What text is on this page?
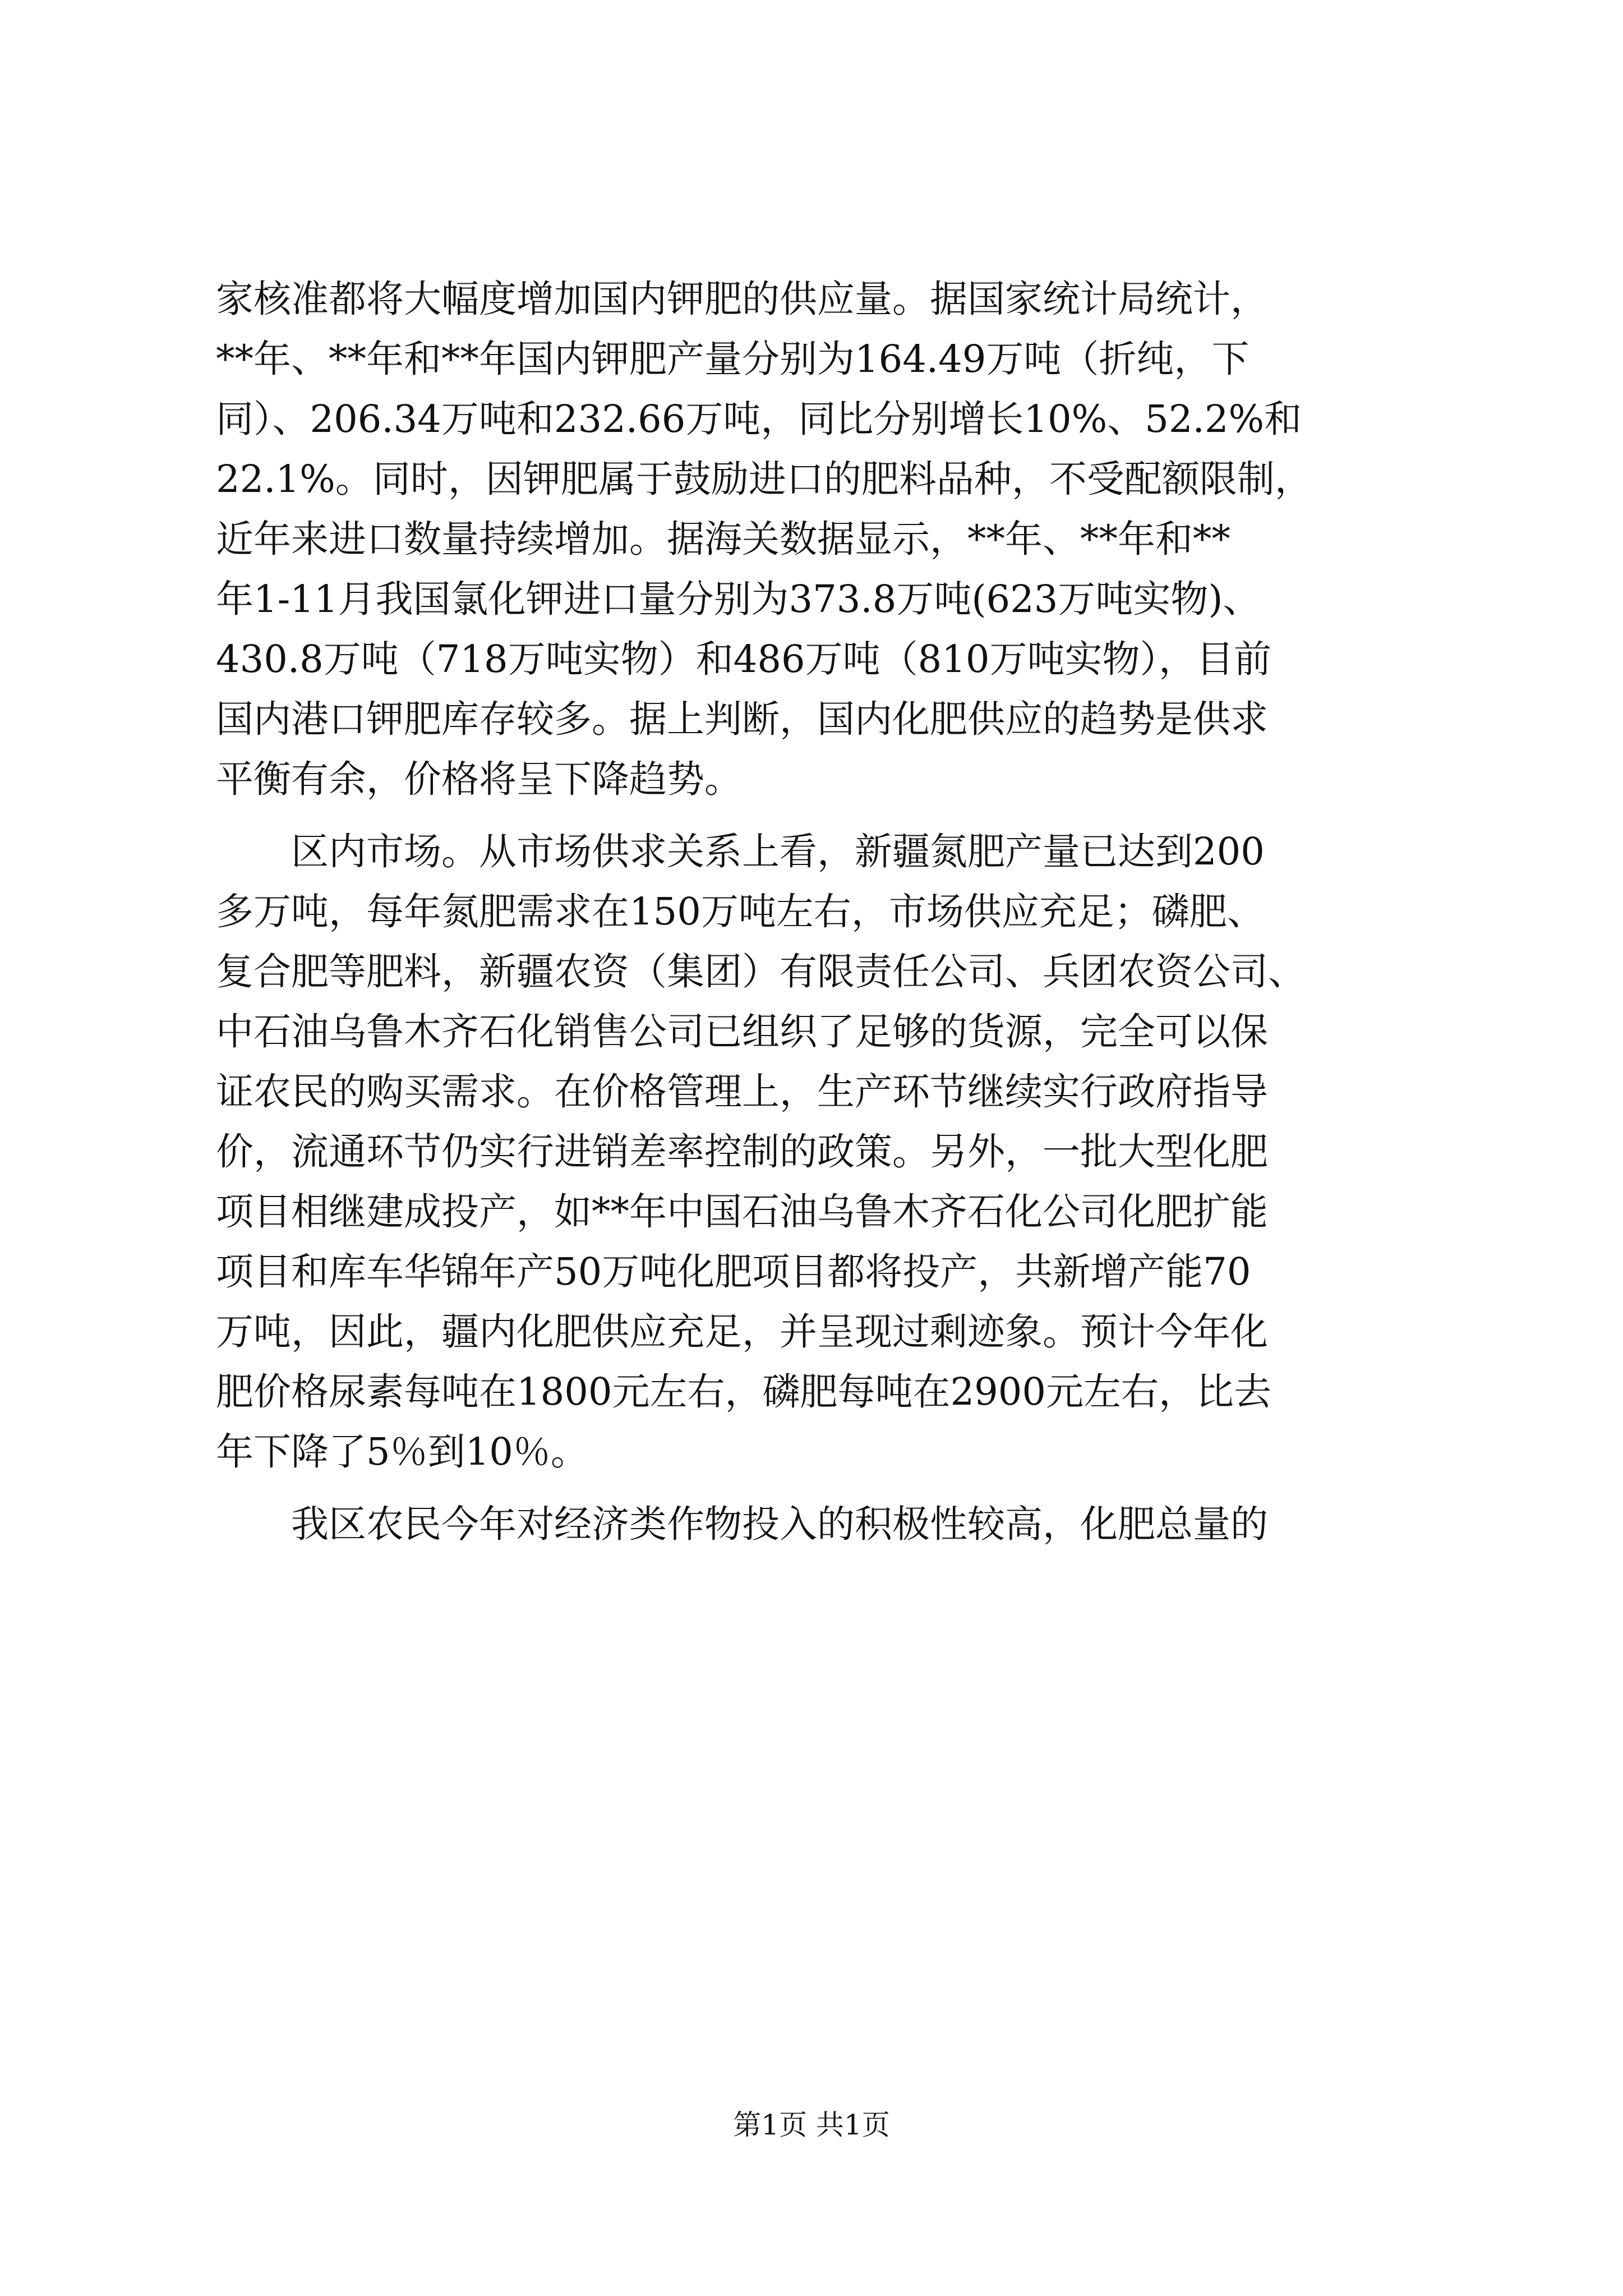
家核准都将大幅度增加国内钾肥的供应量。据国家统计局统计，
**年、**年和**年国内钾肥产量分别为164.49万吨（折纯，下
同）、206.34万吨和232.66万吨，同比分别增长10%、52.2%和
22.1%。同时，因钾肥属于鼓励进口的肥料品种，不受配额限制，
近年来进口数量持续增加。据海关数据显示，**年、**年和**
年1-11月我国氯化钾进口量分别为373.8万吨(623万吨实物)、
430.8万吨（718万吨实物）和486万吨（810万吨实物），目前
国内港口钾肥库存较多。据上判断，国内化肥供应的趋势是供求
平衡有余，价格将呈下降趋势。
　　区内市场。从市场供求关系上看，新疆氮肥产量已达到200
多万吨，每年氮肥需求在150万吨左右，市场供应充足；磷肥、
复合肥等肥料，新疆农资（集团）有限责任公司、兵团农资公司、
中石油乌鲁木齐石化销售公司已组织了足够的货源，完全可以保
证农民的购买需求。在价格管理上，生产环节继续实行政府指导
价，流通环节仍实行进销差率控制的政策。另外，一批大型化肥
项目相继建成投产，如**年中国石油乌鲁木齐石化公司化肥扩能
项目和库车华锦年产50万吨化肥项目都将投产，共新增产能70
万吨，因此，疆内化肥供应充足，并呈现过剩迹象。预计今年化
肥价格尿素每吨在1800元左右，磷肥每吨在2900元左右，比去
年下降了5％到10％。
　　我区农民今年对经济类作物投入的积极性较高，化肥总量的
第1页 共1页
